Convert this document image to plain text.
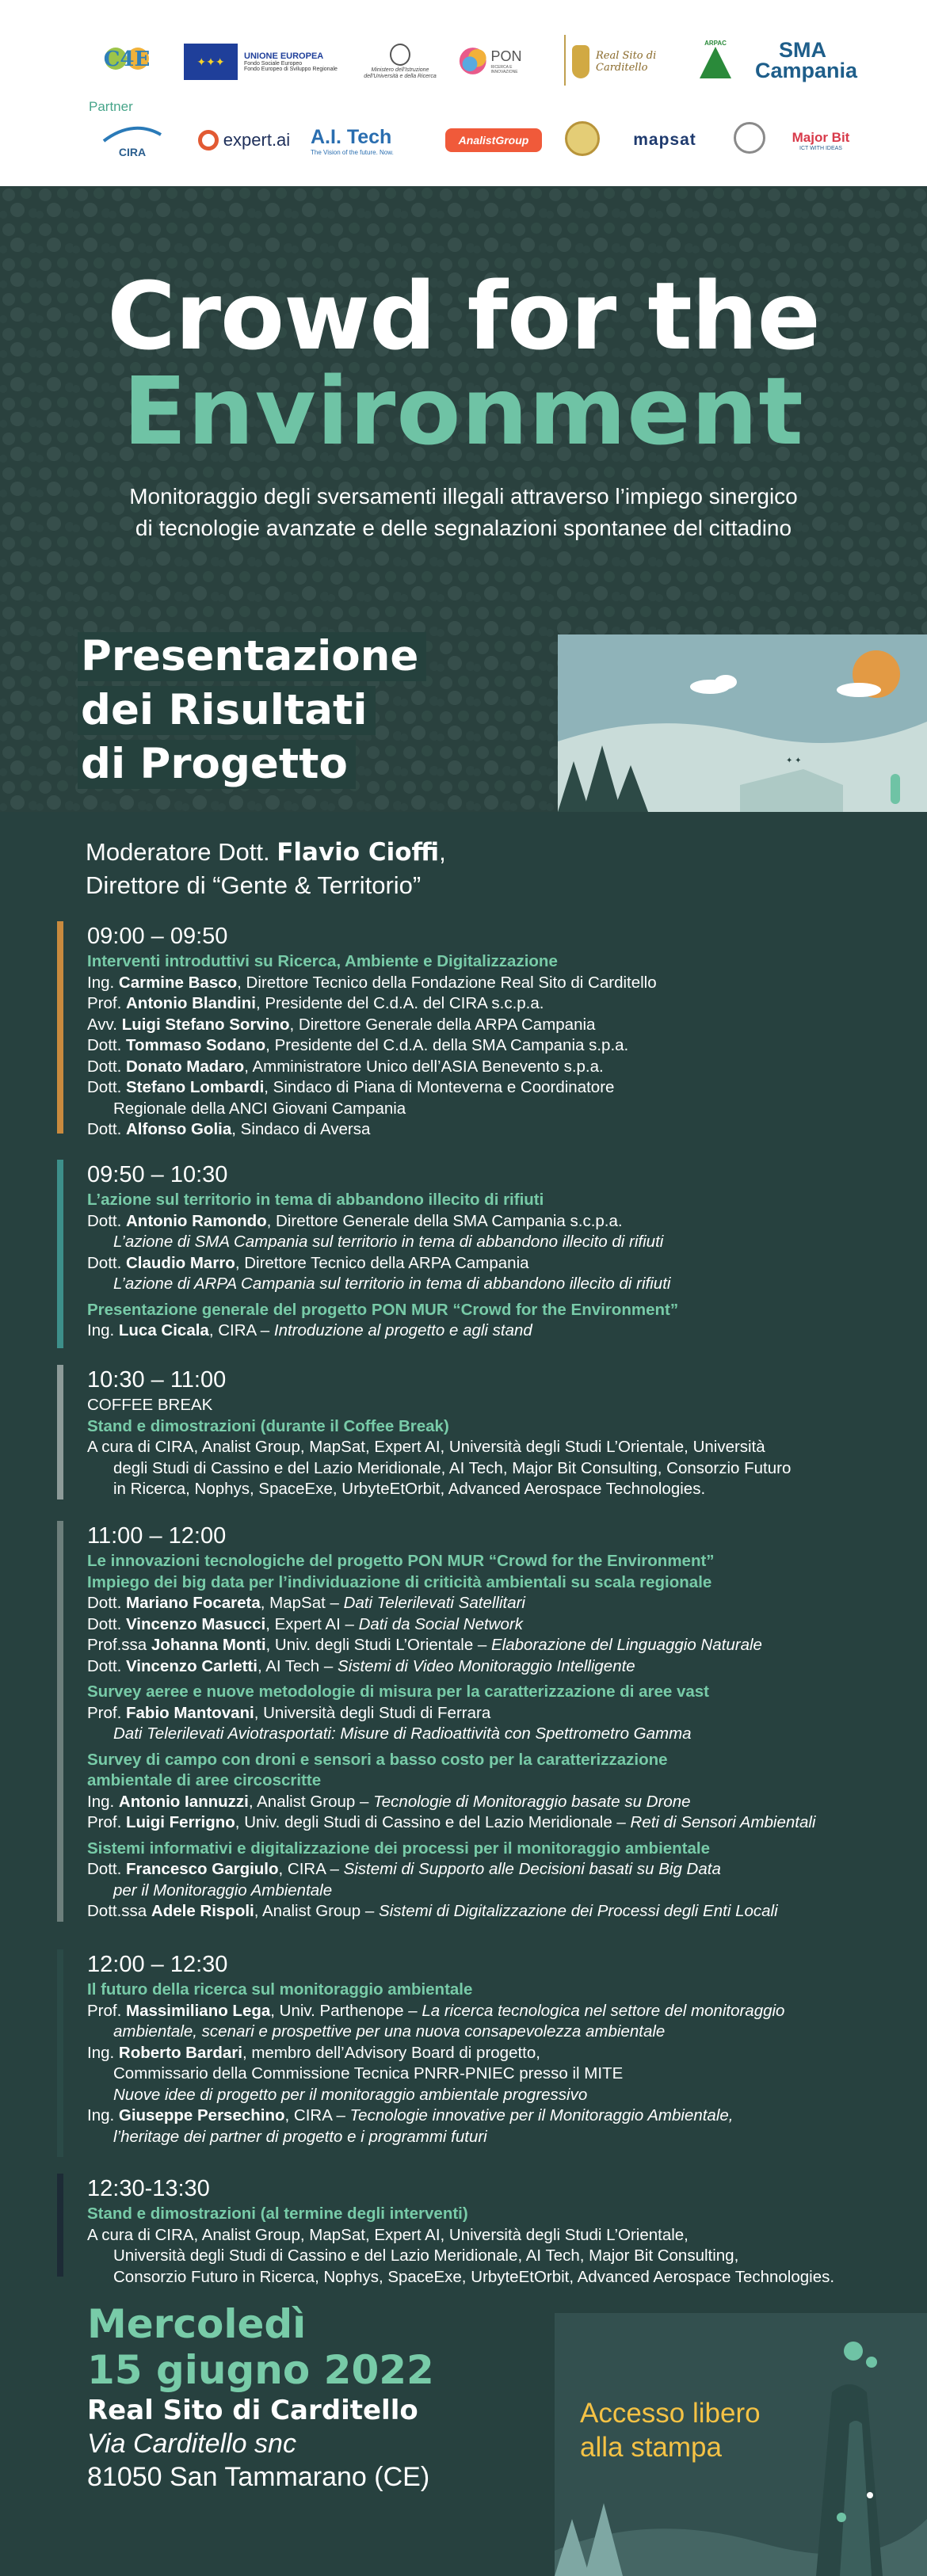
C4E	✦✦✦	UNIONE EUROPEA
Fondo Sociale Europeo
Fondo Europeo di Sviluppo Regionale	Ministero dell'Istruzione dell'Università e della Ricerca
PON
RICERCA E INNOVAZIONE
Real Sito di Carditello
ARPAC	SMA Campania
Partner
CIRA
expert.ai A.I. Tech
The Vision of the future. Now.
AnalistGroup	mapsat	Major Bit
ICT WITH IDEAS
Crowd for the
Environment
Monitoraggio degli sversamenti illegali attraverso l’impiego sinergico
di tecnologie avanzate e delle segnalazioni spontanee del cittadino
Presentazione
dei Risultati
di Progetto	✦ ✦
Moderatore Dott. Flavio Cioffi,
Direttore di “Gente & Territorio”
09:00 – 09:50
Interventi introduttivi su Ricerca, Ambiente e Digitalizzazione
Ing. Carmine Basco, Direttore Tecnico della Fondazione Real Sito di Carditello
Prof. Antonio Blandini, Presidente del C.d.A. del CIRA s.c.p.a.
Avv. Luigi Stefano Sorvino, Direttore Generale della ARPA Campania
Dott. Tommaso Sodano, Presidente del C.d.A. della SMA Campania s.p.a.
Dott. Donato Madaro, Amministratore Unico dell’ASIA Benevento s.p.a.
Dott. Stefano Lombardi, Sindaco di Piana di Monteverna e Coordinatore
Regionale della ANCI Giovani Campania
Dott. Alfonso Golia, Sindaco di Aversa
09:50 – 10:30
L’azione sul territorio in tema di abbandono illecito di rifiuti
Dott. Antonio Ramondo, Direttore Generale della SMA Campania s.c.p.a.
L’azione di SMA Campania sul territorio in tema di abbandono illecito di rifiuti
Dott. Claudio Marro, Direttore Tecnico della ARPA Campania
L’azione di ARPA Campania sul territorio in tema di abbandono illecito di rifiuti
Presentazione generale del progetto PON MUR “Crowd for the Environment”
Ing. Luca Cicala, CIRA – Introduzione al progetto e agli stand
10:30 – 11:00
COFFEE BREAK
Stand e dimostrazioni (durante il Coffee Break)
A cura di CIRA, Analist Group, MapSat, Expert AI, Università degli Studi L’Orientale, Università
degli Studi di Cassino e del Lazio Meridionale, AI Tech, Major Bit Consulting, Consorzio Futuro
in Ricerca, Nophys, SpaceExe, UrbyteEtOrbit, Advanced Aerospace Technologies.
11:00 – 12:00
Le innovazioni tecnologiche del progetto PON MUR “Crowd for the Environment”
Impiego dei big data per l’individuazione di criticità ambientali su scala regionale
Dott. Mariano Focareta, MapSat – Dati Telerilevati Satellitari
Dott. Vincenzo Masucci, Expert AI – Dati da Social Network
Prof.ssa Johanna Monti, Univ. degli Studi L’Orientale – Elaborazione del Linguaggio Naturale
Dott. Vincenzo Carletti, AI Tech – Sistemi di Video Monitoraggio Intelligente
Survey aeree e nuove metodologie di misura per la caratterizzazione di aree vast
Prof. Fabio Mantovani, Università degli Studi di Ferrara
Dati Telerilevati Aviotrasportati: Misure di Radioattività con Spettrometro Gamma
Survey di campo con droni e sensori a basso costo per la caratterizzazione
ambientale di aree circoscritte
Ing. Antonio Iannuzzi, Analist Group – Tecnologie di Monitoraggio basate su Drone
Prof. Luigi Ferrigno, Univ. degli Studi di Cassino e del Lazio Meridionale – Reti di Sensori Ambientali
Sistemi informativi e digitalizzazione dei processi per il monitoraggio ambientale
Dott. Francesco Gargiulo, CIRA – Sistemi di Supporto alle Decisioni basati su Big Data
per il Monitoraggio Ambientale
Dott.ssa Adele Rispoli, Analist Group – Sistemi di Digitalizzazione dei Processi degli Enti Locali
12:00 – 12:30
Il futuro della ricerca sul monitoraggio ambientale
Prof. Massimiliano Lega, Univ. Parthenope – La ricerca tecnologica nel settore del monitoraggio
ambientale, scenari e prospettive per una nuova consapevolezza ambientale
Ing. Roberto Bardari, membro dell’Advisory Board di progetto,
Commissario della Commissione Tecnica PNRR-PNIEC presso il MITE
Nuove idee di progetto per il monitoraggio ambientale progressivo
Ing. Giuseppe Persechino, CIRA – Tecnologie innovative per il Monitoraggio Ambientale,
l’heritage dei partner di progetto e i programmi futuri
12:30-13:30
Stand e dimostrazioni (al termine degli interventi)
A cura di CIRA, Analist Group, MapSat, Expert AI, Università degli Studi L’Orientale,
Università degli Studi di Cassino e del Lazio Meridionale, AI Tech, Major Bit Consulting,
Consorzio Futuro in Ricerca, Nophys, SpaceExe, UrbyteEtOrbit, Advanced Aerospace Technologies.
Mercoledì
15 giugno 2022
Real Sito di Carditello
Via Carditello snc
81050 San Tammarano (CE)
Accesso libero
alla stampa
